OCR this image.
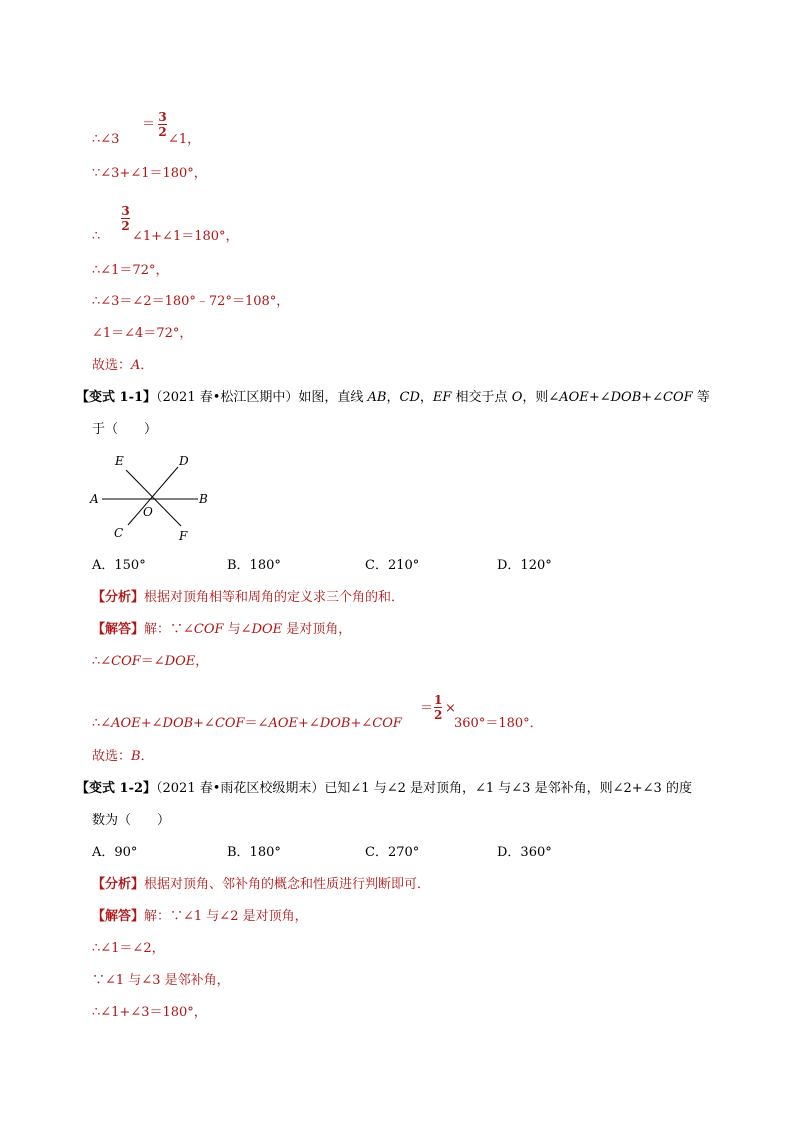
∴∠3
＝ 3
2 ∠1，
∵∠3+∠1＝180°，
∴
3
2
∠1+∠1＝180°，
∴∠1＝72°，
∴∠3＝∠2＝180°﹣72°＝108°，
∠1＝∠4＝72°，
故选：A．
【变式 1-1】（2021 春•松江区期中）如图，直线 AB，CD，EF 相交于点 O，则∠AOE+∠DOB+∠COF 等
于（　　）
E	D
A	B
O
C	F
A．150°	B．180°	C．210°	D．120°
【分析】根据对顶角相等和周角的定义求三个角的和．
【解答】解：∵∠COF 与∠DOE 是对顶角，
∴∠COF＝∠DOE，
∴∠AOE+∠DOB+∠COF＝∠AOE+∠DOB+∠COF
＝
1
2 ×
360°＝180°．
故选：B．
【变式 1-2】（2021 春•雨花区校级期末）已知∠1 与∠2 是对顶角，∠1 与∠3 是邻补角，则∠2+∠3 的度
数为（　　）
A．90°	B．180°	C．270°	D．360°
【分析】根据对顶角、邻补角的概念和性质进行判断即可．
【解答】解：∵∠1 与∠2 是对顶角，
∴∠1＝∠2，
∵∠1 与∠3 是邻补角，
∴∠1+∠3＝180°，
